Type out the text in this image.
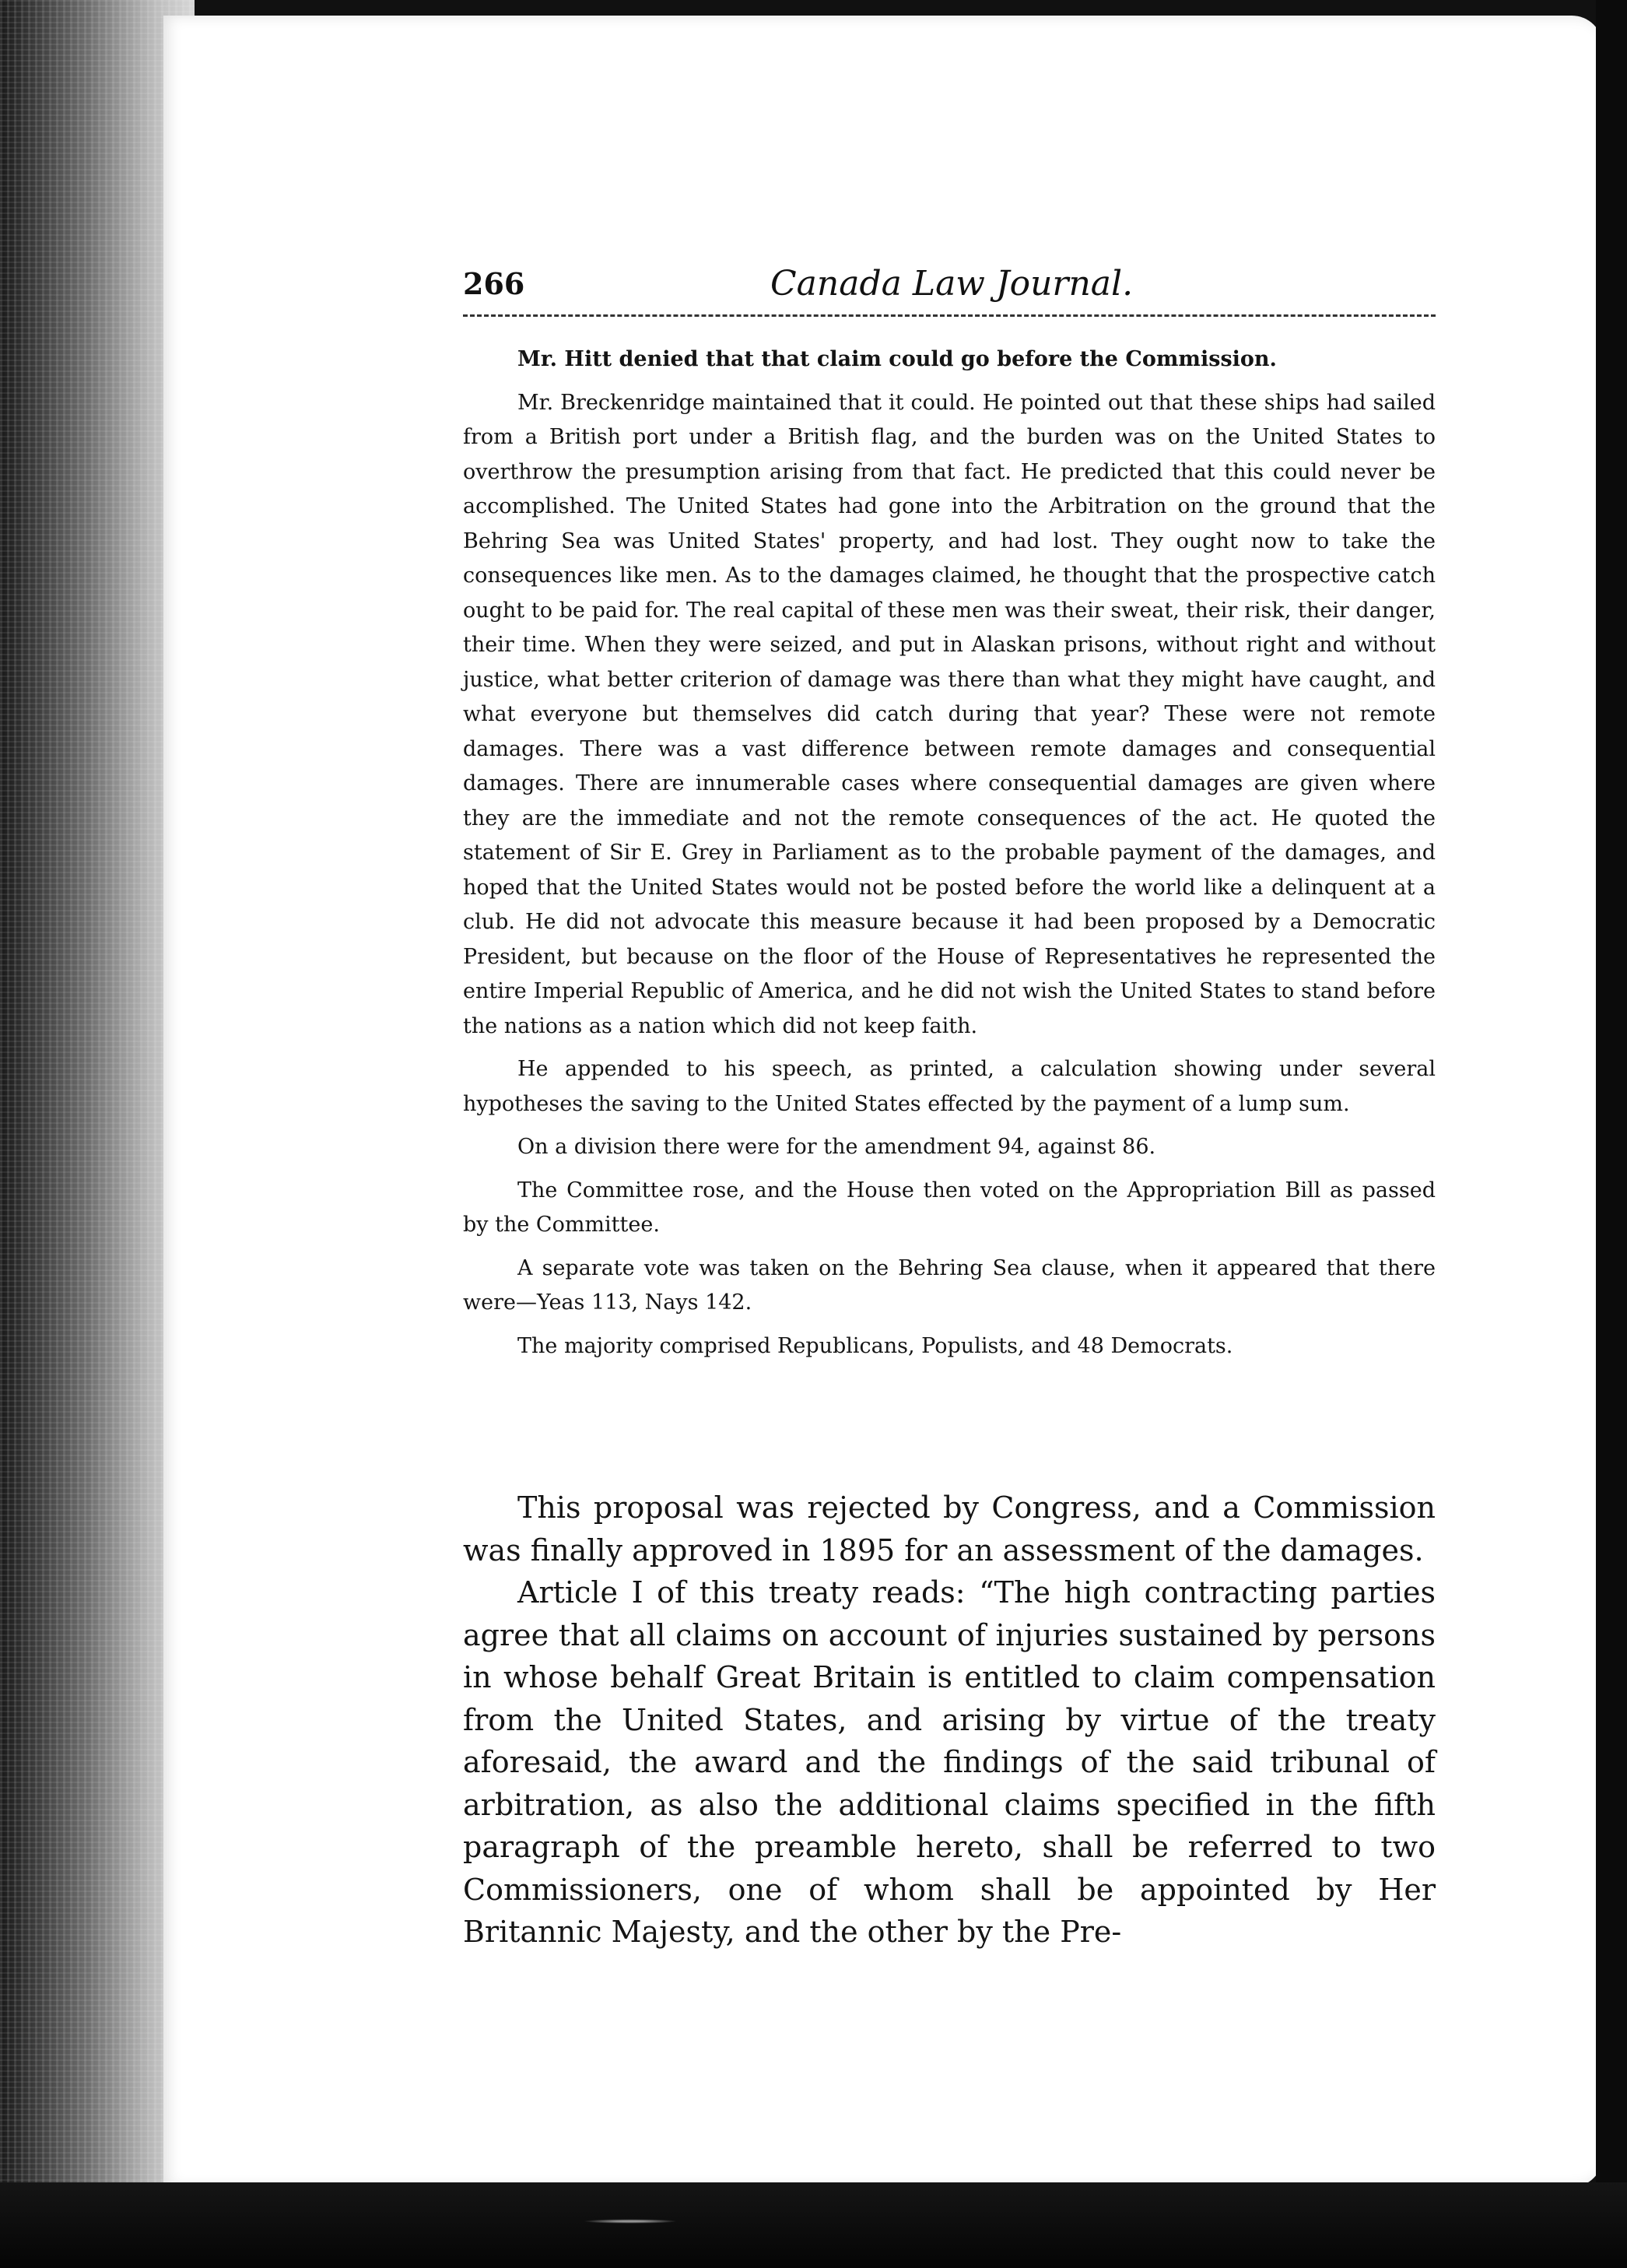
266	Canada Law Journal.

Mr. Hitt denied that that claim could go before the Commission.

Mr. Breckenridge maintained that it could. He pointed out that these ships had sailed from a British port under a British flag, and the burden was on the United States to overthrow the presumption arising from that fact. He predicted that this could never be accomplished. The United States had gone into the Arbitration on the ground that the Behring Sea was United States' property, and had lost. They ought now to take the consequences like men. As to the damages claimed, he thought that the prospective catch ought to be paid for. The real capital of these men was their sweat, their risk, their danger, their time. When they were seized, and put in Alaskan prisons, without right and without justice, what better criterion of damage was there than what they might have caught, and what everyone but themselves did catch during that year? These were not remote damages. There was a vast difference between remote damages and consequential damages. There are innumerable cases where consequential damages are given where they are the immediate and not the remote consequences of the act. He quoted the statement of Sir E. Grey in Parliament as to the probable payment of the damages, and hoped that the United States would not be posted before the world like a delinquent at a club. He did not advocate this measure because it had been proposed by a Democratic President, but because on the floor of the House of Representatives he represented the entire Imperial Republic of America, and he did not wish the United States to stand before the nations as a nation which did not keep faith.

He appended to his speech, as printed, a calculation showing under several hypotheses the saving to the United States effected by the payment of a lump sum.

On a division there were for the amendment 94, against 86.

The Committee rose, and the House then voted on the Appropriation Bill as passed by the Committee.

A separate vote was taken on the Behring Sea clause, when it appeared that there were—Yeas 113, Nays 142.

The majority comprised Republicans, Populists, and 48 Democrats.

This proposal was rejected by Congress, and a Commission was finally approved in 1895 for an assessment of the damages.

Article I of this treaty reads: “The high contracting parties agree that all claims on account of injuries sustained by persons in whose behalf Great Britain is entitled to claim compensation from the United States, and arising by virtue of the treaty aforesaid, the award and the findings of the said tribunal of arbitration, as also the additional claims specified in the fifth paragraph of the preamble hereto, shall be referred to two Commissioners, one of whom shall be appointed by Her Britannic Majesty, and the other by the Pre-
